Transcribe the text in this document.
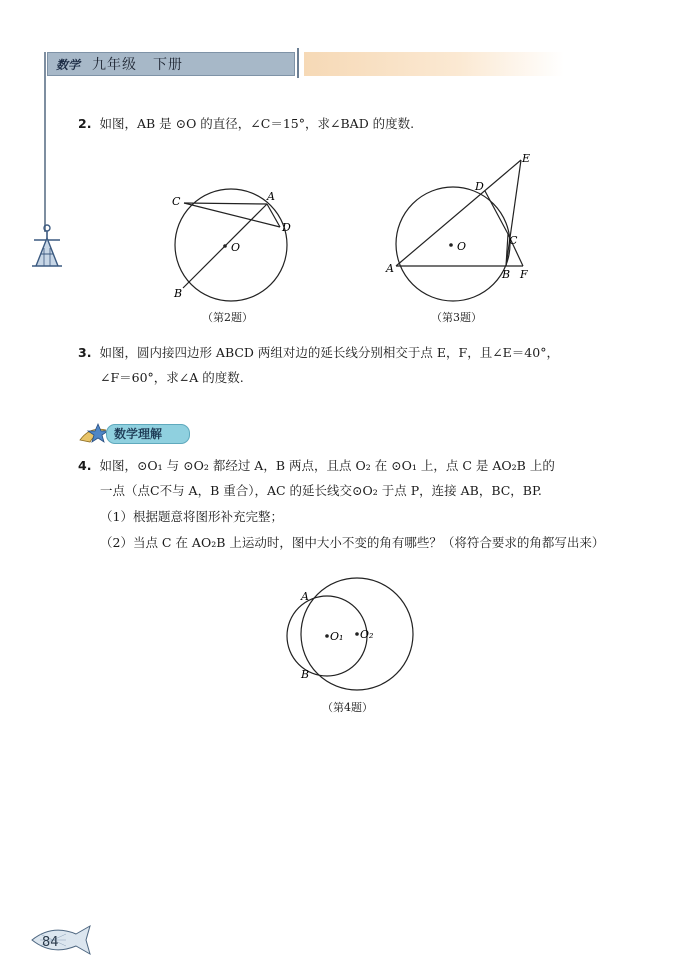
数学 九年级 下册
2. 如图，AB 是 ⊙O 的直径，∠C＝15°，求∠BAD 的度数.
C	A
D
O
B
（第2题）
E
D
C
A	B F
O
（第3题）
3. 如图，圆内接四边形 ABCD 两组对边的延长线分别相交于点 E，F，且∠E＝40°，
∠F＝60°，求∠A 的度数.
数学理解
4. 如图，⊙O₁ 与 ⊙O₂ 都经过 A，B 两点，且点 O₂ 在 ⊙O₁ 上，点 C 是 AO₂B 上的
一点（点C不与 A，B 重合），AC 的延长线交⊙O₂ 于点 P，连接 AB，BC，BP.
（1）根据题意将图形补充完整；
（2）当点 C 在 AO₂B 上运动时，图中大小不变的角有哪些？（将符合要求的角都写出来）
A
B
O₁ O₂
（第4题）
84
